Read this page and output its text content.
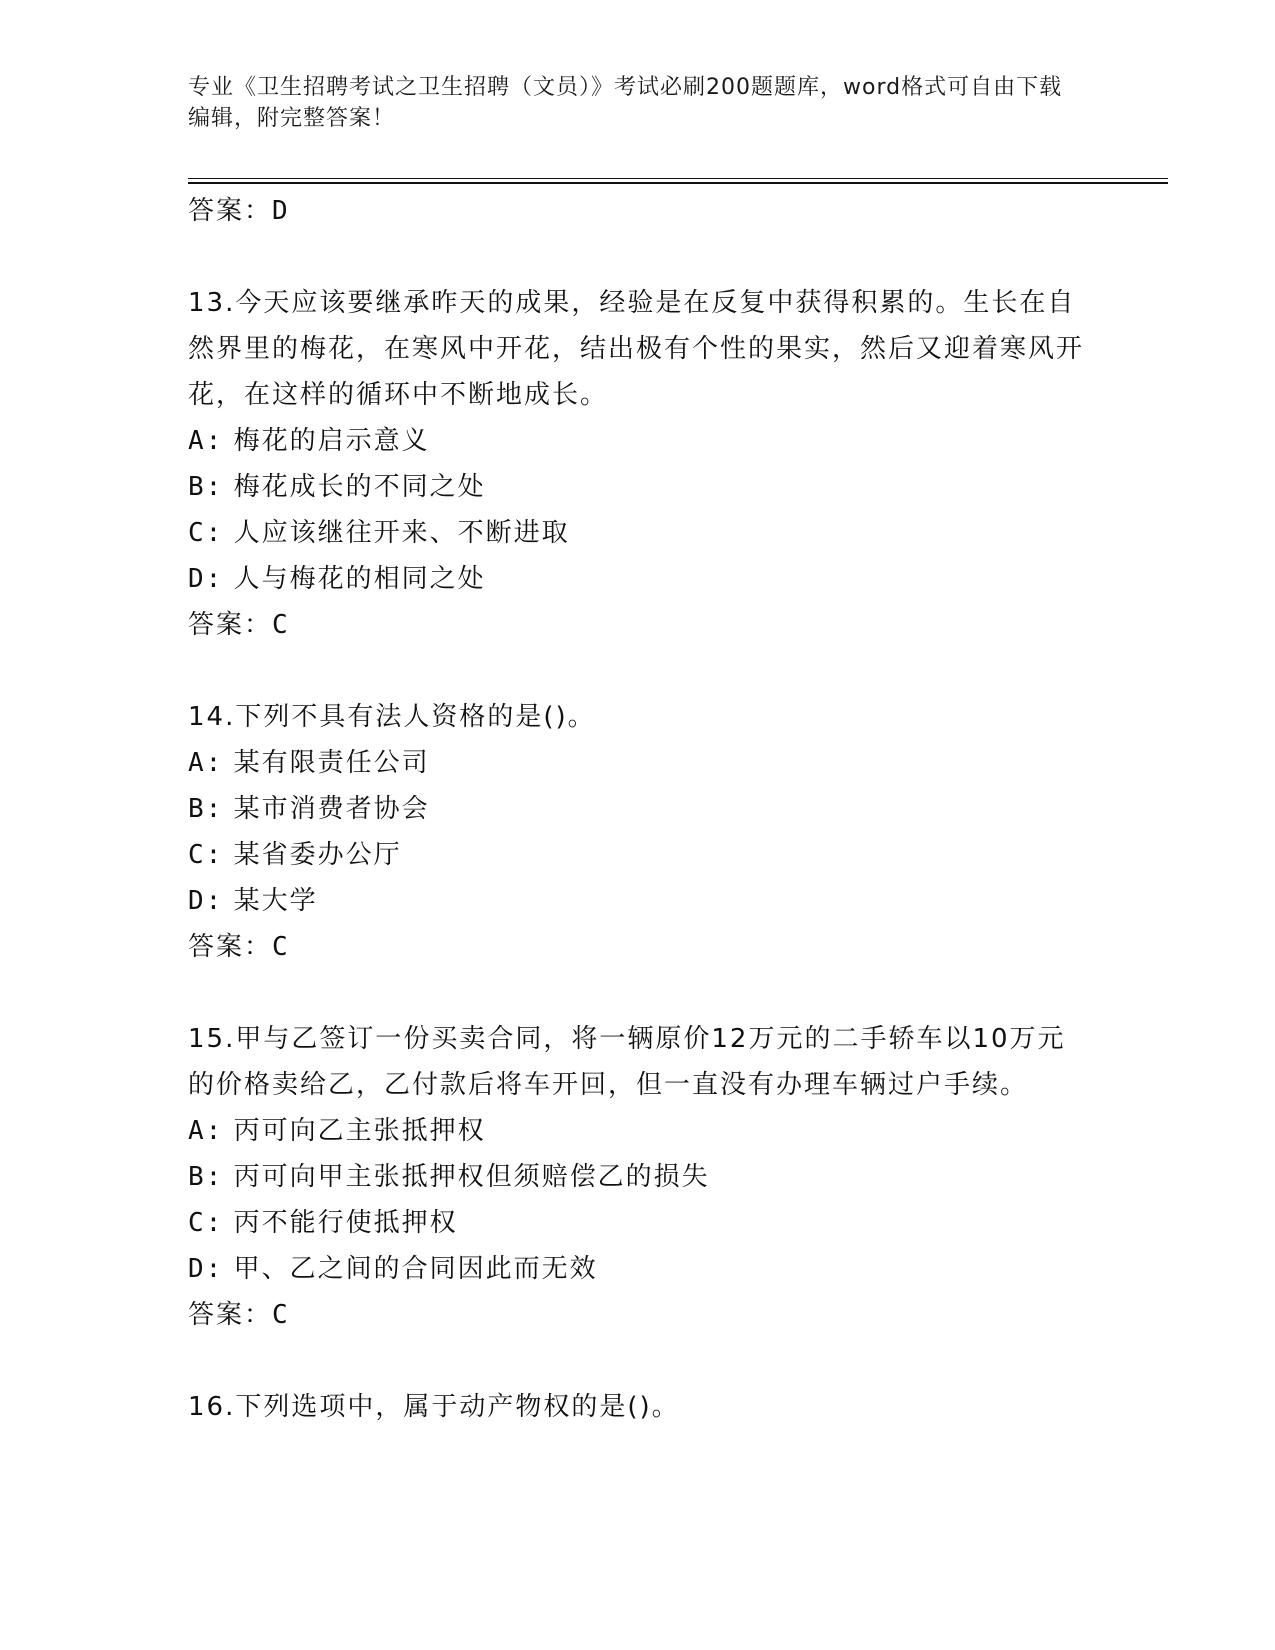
专业《卫生招聘考试之卫生招聘（文员）》考试必刷200题题库，word格式可自由下载编辑，附完整答案！
答案：D
13.今天应该要继承昨天的成果，经验是在反复中获得积累的。生长在自然界里的梅花，在寒风中开花，结出极有个性的果实，然后又迎着寒风开花，在这样的循环中不断地成长。
A: 梅花的启示意义
B: 梅花成长的不同之处
C: 人应该继往开来、不断进取
D: 人与梅花的相同之处
答案：C
14.下列不具有法人资格的是()。
A: 某有限责任公司
B: 某市消费者协会
C: 某省委办公厅
D: 某大学
答案：C
15.甲与乙签订一份买卖合同，将一辆原价12万元的二手轿车以10万元的价格卖给乙，乙付款后将车开回，但一直没有办理车辆过户手续。
A: 丙可向乙主张抵押权
B: 丙可向甲主张抵押权但须赔偿乙的损失
C: 丙不能行使抵押权
D: 甲、乙之间的合同因此而无效
答案：C
16.下列选项中，属于动产物权的是()。
